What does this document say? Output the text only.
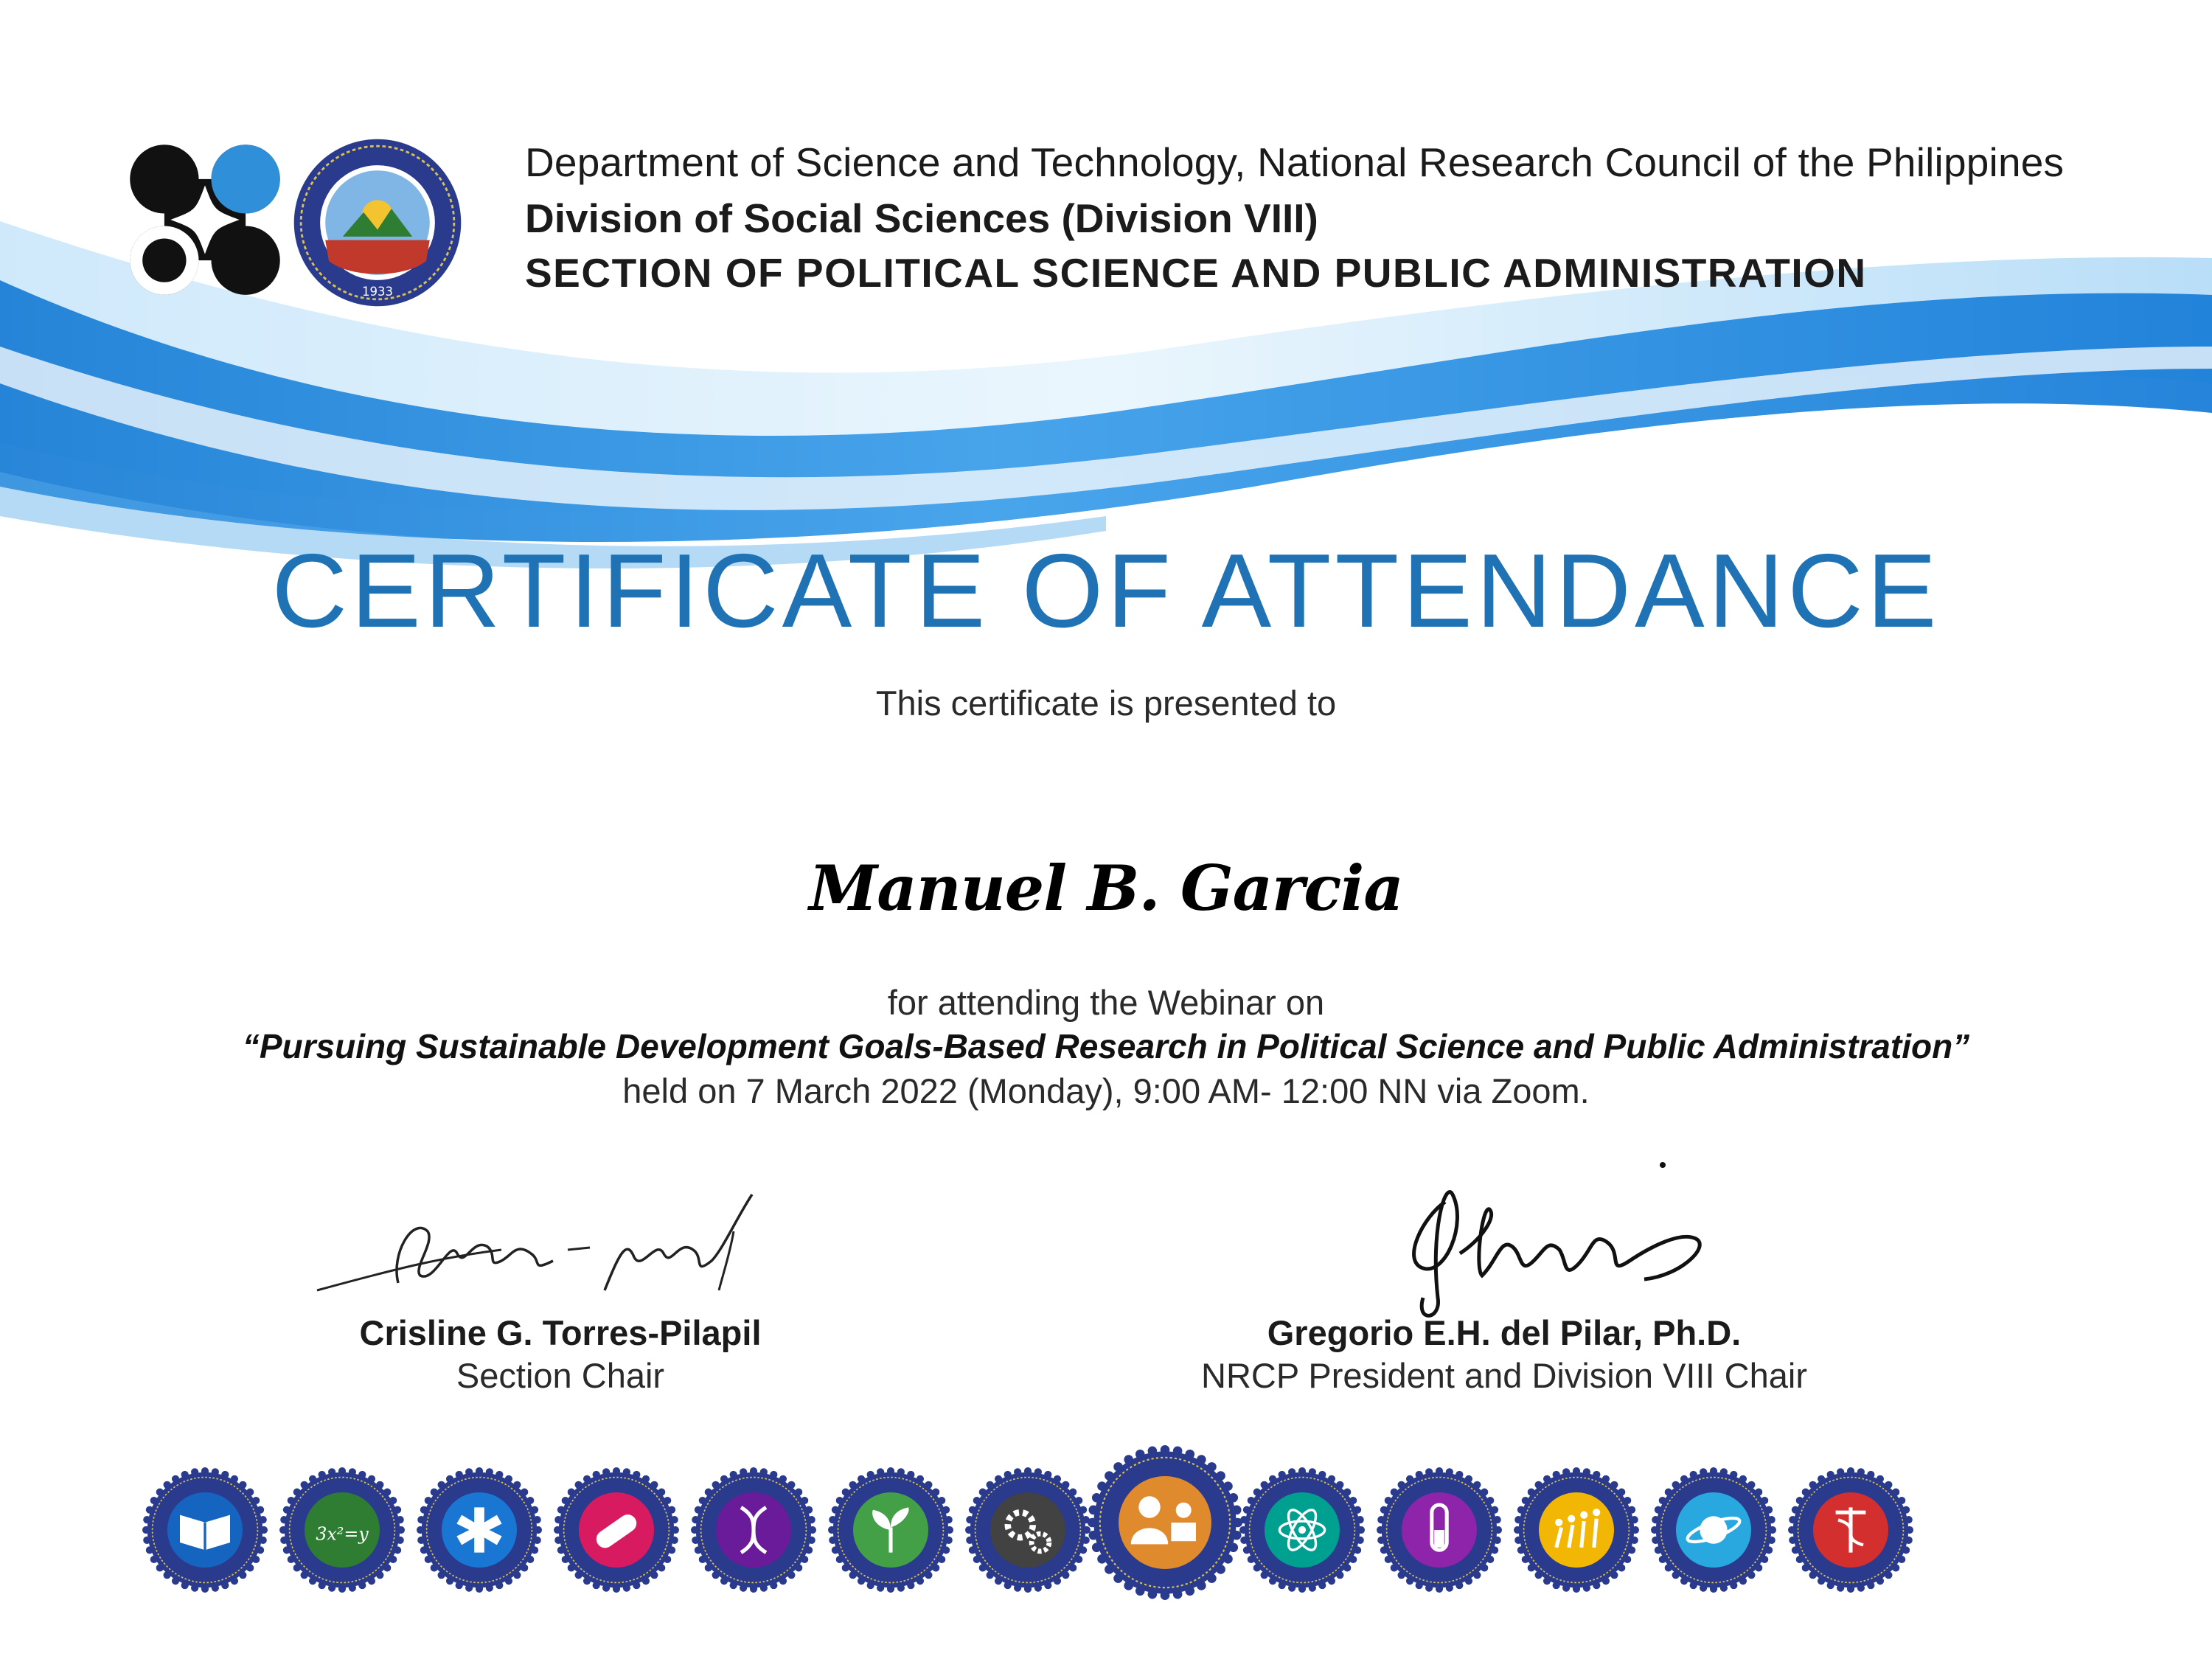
1933
Department of Science and Technology, National Research Council of the Philippines
Division of Social Sciences (Division VIII)
SECTION OF POLITICAL SCIENCE AND PUBLIC ADMINISTRATION
CERTIFICATE OF ATTENDANCE
This certificate is presented to
Manuel B. Garcia
for attending the Webinar on
“Pursuing Sustainable Development Goals-Based Research in Political Science and Public Administration”
held on 7 March 2022 (Monday), 9:00 AM- 12:00 NN via Zoom.
Crisline G. Torres-Pilapil
Section Chair
Gregorio E.H. del Pilar, Ph.D.
NRCP President and Division VIII Chair
3x²=y
